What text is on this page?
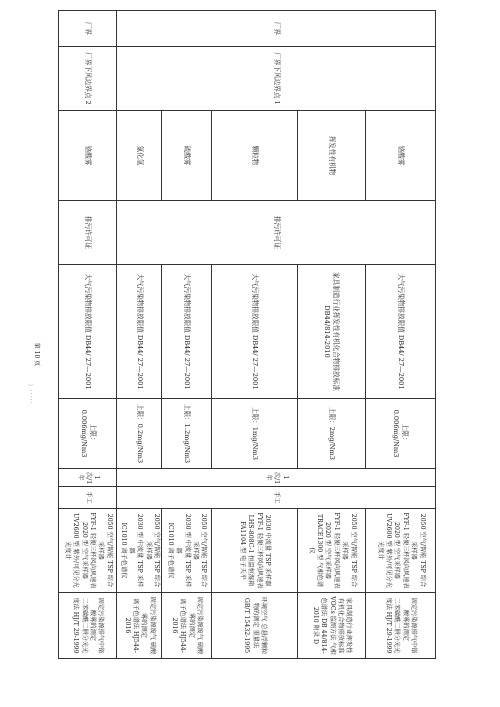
厂界	厂界下风边界点 1	铬酸雾	排污许可证	大气污染物排放限值 DB44/ 27—2001	上限：0.006mg/Nm3	1 次/1 年	手工	2050 空气/智能 TSP 综合采样器
FYF-1 轻便三杯风向风速表
2020 型 空气采样器
UV2600 型 紫外/可见分光光度计	固定污染源排气中铬酸雾的测定
二苯碳酰二肼分光光度法 HJ/T 29-1999
		挥发性有机物		家具制造行业挥发性有机化合物排放标准 DB44/814-2010	上限：2mg/Nm3			2050 空气/智能 TSP 综合采样器
FYF-1 轻便三杯风向风速表
2020 型 空气采样器
TRACE1300 型 气相色谱仪	家具制造行业挥发性有机化合物排放标准 VOCs 监测方法 气相色谱法 DB 44/814-2010 附录 D
		颗粒物		大气污染物排放限值 DB44/ 27—2001	上限：1mg/Nm3			2030 中流量 TSP 采样器 FYF-1 轻便三杯风向风速表
LHS-808C-1 恒温恒湿箱
FA1104 型 电子天平	环境空气 总悬浮颗粒物的测定 重量法 GB/T 15432-1995
		硫酸雾		大气污染物排放限值 DB44/ 27—2001	上限：1.2mg/Nm3			2050 空气/智能 TSP 综合采样器
2030 型 中流量 TSP 采样器
IC1010 离子色谱仪	固定污染源废气 硫酸雾的测定
离子色谱法 HJ544-2016
		氯化氢		大气污染物排放限值 DB44/ 27—2001	上限：0.2mg/Nm3			2050 空气/智能 TSP 综合采样器
2030 型 中流量 TSP 采样器
IC1010 离子色谱仪	固定污染源废气 硫酸雾的测定
离子色谱法 HJ544-2016
厂界	厂界下风边界点 2	铬酸雾	排污许可证	大气污染物排放限值 DB44/ 27—2001	上限：0.006mg/Nm3	1 次/1 年	手工	2050 空气/智能 TSP 综合采样器
FYF-1 轻便三杯风向风速表
2020 型 空气采样器
UV2600 型 紫外/可见分光光度计	固定污染源排气中铬酸雾的测定
二苯碳酰二肼分光光度法 HJ/T 29-1999
第 10 页
〉 ' ' ' ' '
